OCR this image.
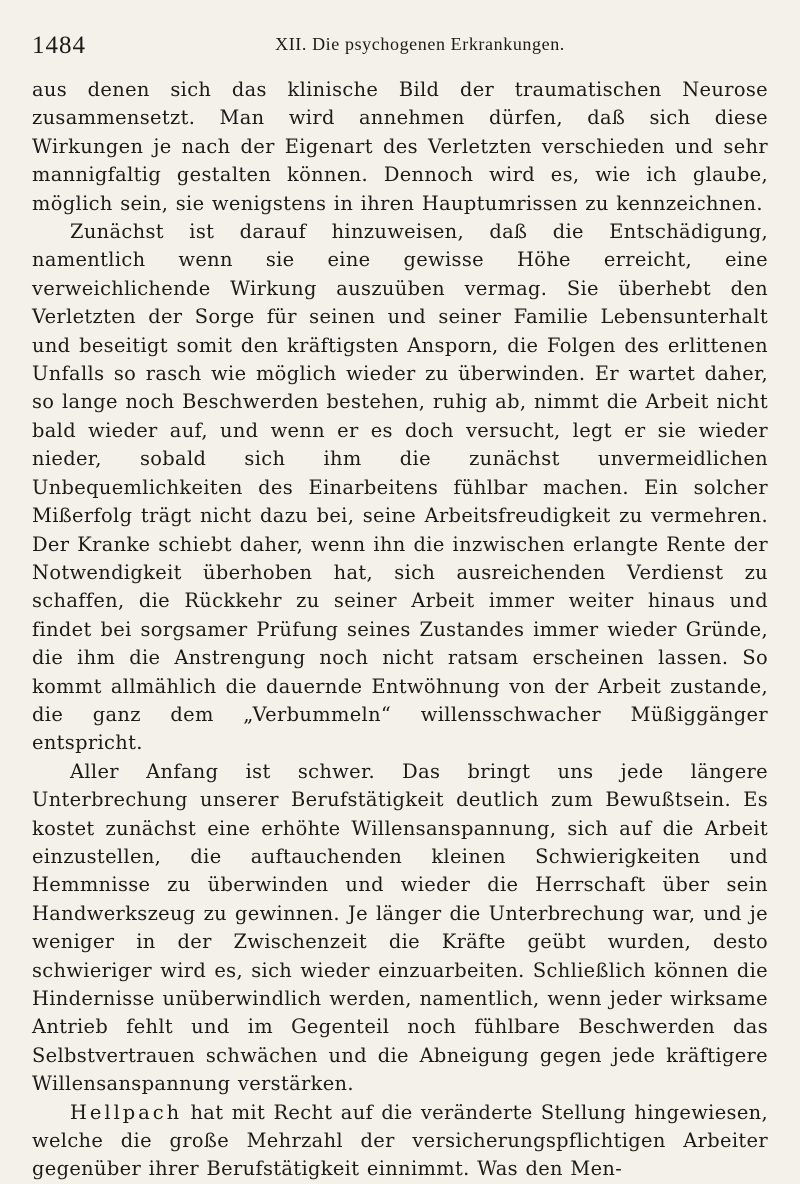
1484	XII. Die psychogenen Erkrankungen.

aus denen sich das klinische Bild der traumatischen Neurose zusammensetzt. Man wird annehmen dürfen, daß sich diese Wirkungen je nach der Eigenart des Verletzten verschieden und sehr mannigfaltig gestalten können. Dennoch wird es, wie ich glaube, möglich sein, sie wenigstens in ihren Hauptumrissen zu kennzeichnen.

Zunächst ist darauf hinzuweisen, daß die Entschädigung, namentlich wenn sie eine gewisse Höhe erreicht, eine verweichlichende Wirkung auszuüben vermag. Sie überhebt den Verletzten der Sorge für seinen und seiner Familie Lebensunterhalt und beseitigt somit den kräftigsten Ansporn, die Folgen des erlittenen Unfalls so rasch wie möglich wieder zu überwinden. Er wartet daher, so lange noch Beschwerden bestehen, ruhig ab, nimmt die Arbeit nicht bald wieder auf, und wenn er es doch versucht, legt er sie wieder nieder, sobald sich ihm die zunächst unvermeidlichen Unbequemlichkeiten des Einarbeitens fühlbar machen. Ein solcher Mißerfolg trägt nicht dazu bei, seine Arbeitsfreudigkeit zu vermehren. Der Kranke schiebt daher, wenn ihn die inzwischen erlangte Rente der Notwendigkeit überhoben hat, sich ausreichenden Verdienst zu schaffen, die Rückkehr zu seiner Arbeit immer weiter hinaus und findet bei sorgsamer Prüfung seines Zustandes immer wieder Gründe, die ihm die Anstrengung noch nicht ratsam erscheinen lassen. So kommt allmählich die dauernde Entwöhnung von der Arbeit zustande, die ganz dem „Verbummeln“ willensschwacher Müßiggänger entspricht.

Aller Anfang ist schwer. Das bringt uns jede längere Unterbrechung unserer Berufstätigkeit deutlich zum Bewußtsein. Es kostet zunächst eine erhöhte Willensanspannung, sich auf die Arbeit einzustellen, die auftauchenden kleinen Schwierigkeiten und Hemmnisse zu überwinden und wieder die Herrschaft über sein Handwerkszeug zu gewinnen. Je länger die Unterbrechung war, und je weniger in der Zwischenzeit die Kräfte geübt wurden, desto schwieriger wird es, sich wieder einzuarbeiten. Schließlich können die Hindernisse unüberwindlich werden, namentlich, wenn jeder wirksame Antrieb fehlt und im Gegenteil noch fühlbare Beschwerden das Selbstvertrauen schwächen und die Abneigung gegen jede kräftigere Willensanspannung verstärken.

Hellpach hat mit Recht auf die veränderte Stellung hingewiesen, welche die große Mehrzahl der versicherungspflichtigen Arbeiter gegenüber ihrer Berufstätigkeit einnimmt. Was den Men-
